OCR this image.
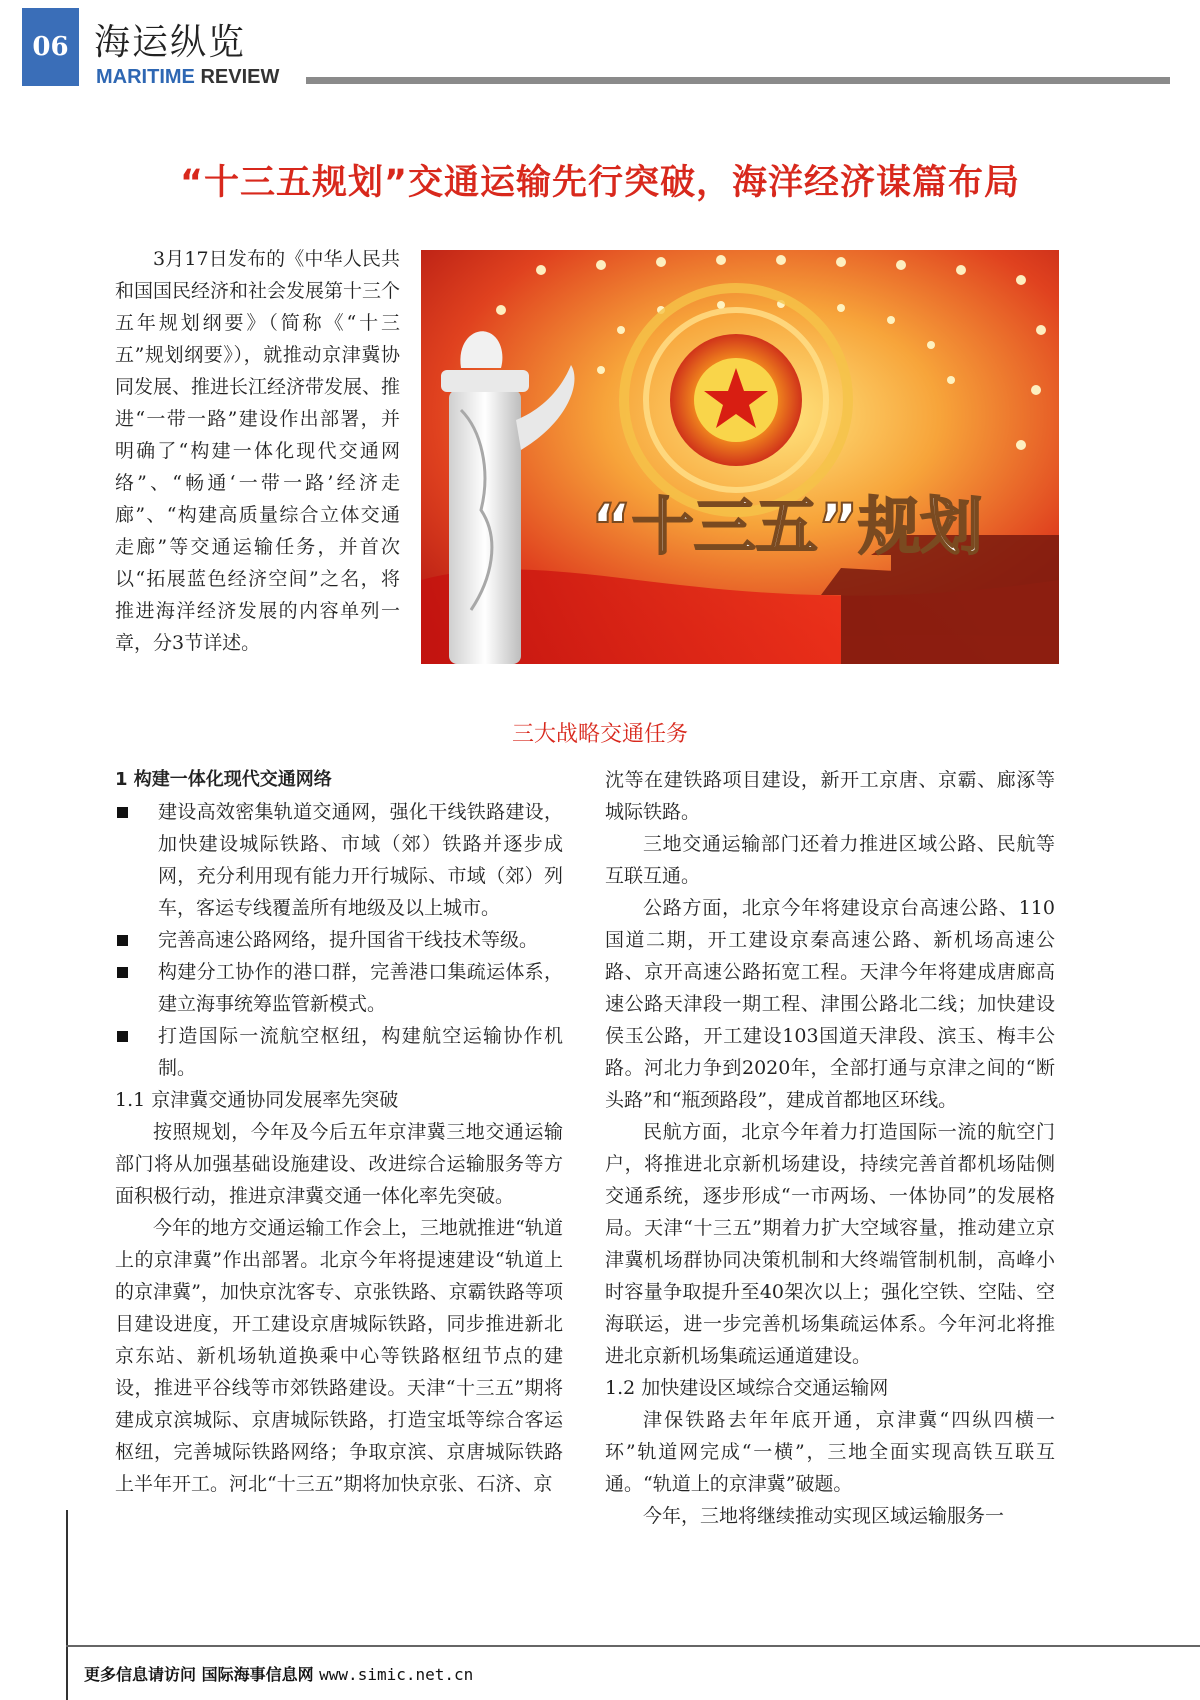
06 海运纵览
MARITIME REVIEW
“十三五规划”交通运输先行突破，海洋经济谋篇布局
3月17日发布的《中华人民共和国国民经济和社会发展第十三个五年规划纲要》（简称《“十三五”规划纲要》），就推动京津冀协同发展、推进长江经济带发展、推进“一带一路”建设作出部署，并明确了“构建一体化现代交通网络”、“畅通‘一带一路’经济走廊”、“构建高质量综合立体交通走廊”等交通运输任务，并首次以“拓展蓝色经济空间”之名，将推进海洋经济发展的内容单列一章，分3节详述。
“十三五”规划
三大战略交通任务
1 构建一体化现代交通网络
建设高效密集轨道交通网，强化干线铁路建设，加快建设城际铁路、市域（郊）铁路并逐步成网，充分利用现有能力开行城际、市域（郊）列车，客运专线覆盖所有地级及以上城市。
完善高速公路网络，提升国省干线技术等级。
构建分工协作的港口群，完善港口集疏运体系，建立海事统筹监管新模式。
打造国际一流航空枢纽，构建航空运输协作机制。
1.1 京津冀交通协同发展率先突破

按照规划，今年及今后五年京津冀三地交通运输部门将从加强基础设施建设、改进综合运输服务等方面积极行动，推进京津冀交通一体化率先突破。

今年的地方交通运输工作会上，三地就推进“轨道上的京津冀”作出部署。北京今年将提速建设“轨道上的京津冀”，加快京沈客专、京张铁路、京霸铁路等项目建设进度，开工建设京唐城际铁路，同步推进新北京东站、新机场轨道换乘中心等铁路枢纽节点的建设，推进平谷线等市郊铁路建设。天津“十三五”期将建成京滨城际、京唐城际铁路，打造宝坻等综合客运枢纽，完善城际铁路网络；争取京滨、京唐城际铁路上半年开工。河北“十三五”期将加快京张、石济、京

沈等在建铁路项目建设，新开工京唐、京霸、廊涿等城际铁路。

三地交通运输部门还着力推进区域公路、民航等互联互通。

公路方面，北京今年将建设京台高速公路、110国道二期，开工建设京秦高速公路、新机场高速公路、京开高速公路拓宽工程。天津今年将建成唐廊高速公路天津段一期工程、津围公路北二线；加快建设侯玉公路，开工建设103国道天津段、滨玉、梅丰公路。河北力争到2020年，全部打通与京津之间的“断头路”和“瓶颈路段”，建成首都地区环线。

民航方面，北京今年着力打造国际一流的航空门户，将推进北京新机场建设，持续完善首都机场陆侧交通系统，逐步形成“一市两场、一体协同”的发展格局。天津“十三五”期着力扩大空域容量，推动建立京津冀机场群协同决策机制和大终端管制机制，高峰小时容量争取提升至40架次以上；强化空铁、空陆、空海联运，进一步完善机场集疏运体系。今年河北将推进北京新机场集疏运通道建设。

1.2 加快建设区域综合交通运输网

津保铁路去年年底开通，京津冀“四纵四横一环”轨道网完成“一横”，三地全面实现高铁互联互通。“轨道上的京津冀”破题。

今年，三地将继续推动实现区域运输服务一

更多信息请访问 国际海事信息网 www.simic.net.cn
